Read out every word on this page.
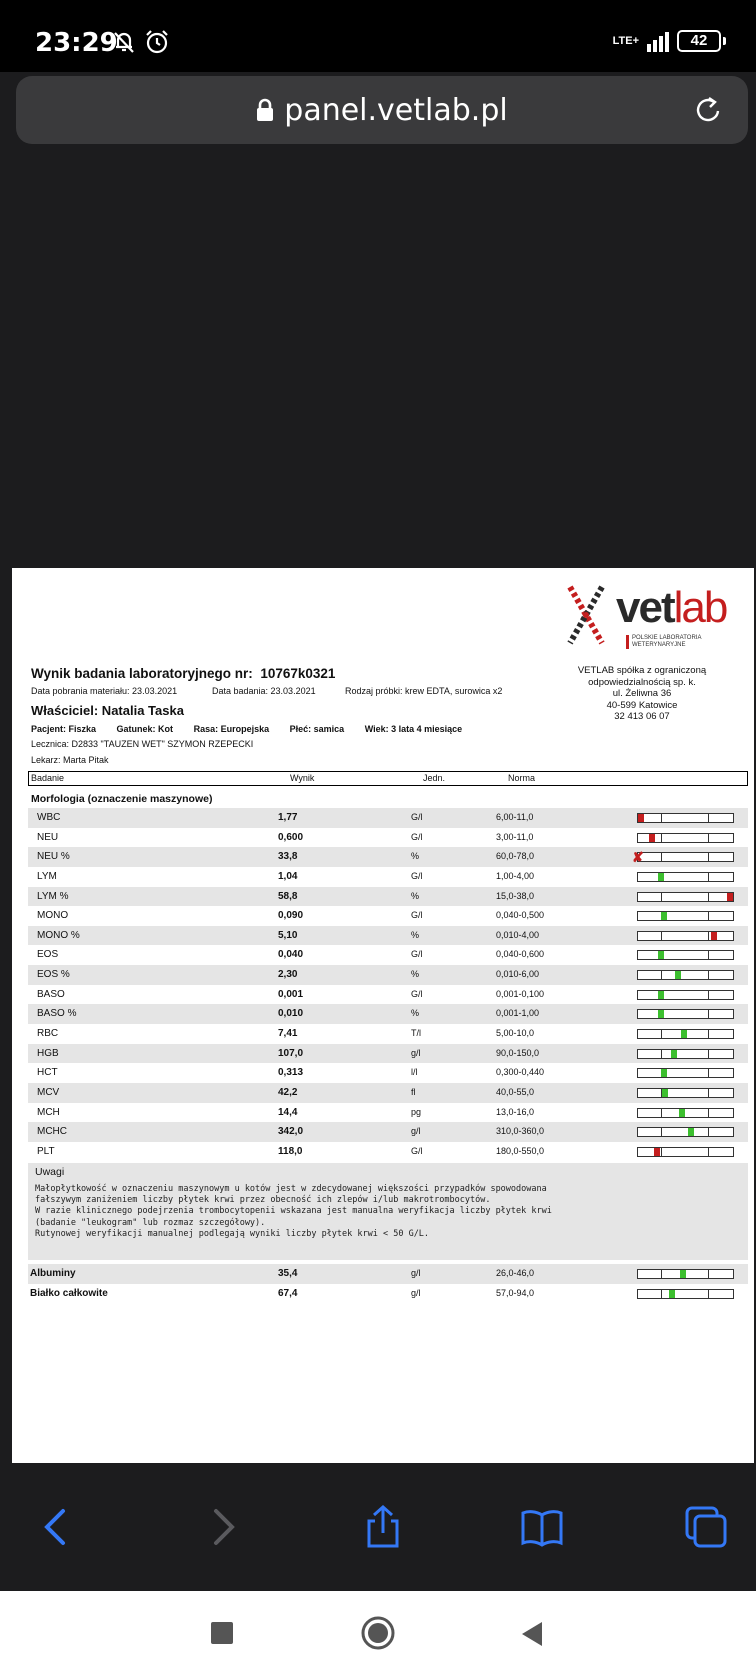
23:29	LTE+	42
panel.vetlab.pl
vetlab
POLSKIE LABORATORIA
WETERYNARYJNE
Wynik badania laboratoryjnego nr: 10767k0321
Data pobrania materiału: 23.03.2021	Data badania: 23.03.2021	Rodzaj próbki: krew EDTA, surowica x2
VETLAB spółka z ograniczoną
odpowiedzialnością sp. k.
ul. Żeliwna 36
40-599 Katowice
32 413 06 07
Właściciel: Natalia Taska
Pacjent: Fiszka Gatunek: Kot Rasa: Europejska Płeć: samica Wiek: 3 lata 4 miesiące
Lecznica: D2833 "TAUZEN WET" SZYMON RZEPECKI
Lekarz: Marta Pitak
Badanie	Wynik	Jedn.	Norma
Morfologia (oznaczenie maszynowe)
WBC	1,77	G/l	6,00-11,0
NEU	0,600	G/l	3,00-11,0
NEU %	33,8	%	60,0-78,0	✘
LYM	1,04	G/l	1,00-4,00
LYM %	58,8	%	15,0-38,0
MONO	0,090	G/l	0,040-0,500
MONO %	5,10	%	0,010-4,00
EOS	0,040	G/l	0,040-0,600
EOS %	2,30	%	0,010-6,00
BASO	0,001	G/l	0,001-0,100
BASO %	0,010	%	0,001-1,00
RBC	7,41	T/l	5,00-10,0
HGB	107,0	g/l	90,0-150,0
HCT	0,313	l/l	0,300-0,440
MCV	42,2	fl	40,0-55,0
MCH	14,4	pg	13,0-16,0
MCHC	342,0	g/l	310,0-360,0
PLT	118,0	G/l	180,0-550,0
Uwagi
Małopłytkowość w oznaczeniu maszynowym u kotów jest w zdecydowanej większości przypadków spowodowana
fałszywym zaniżeniem liczby płytek krwi przez obecność ich zlepów i/lub makrotrombocytów.
W razie klinicznego podejrzenia trombocytopenii wskazana jest manualna weryfikacja liczby płytek krwi
(badanie "leukogram" lub rozmaz szczegółowy).
Rutynowej weryfikacji manualnej podlegają wyniki liczby płytek krwi < 50 G/L.
Albuminy	35,4	g/l	26,0-46,0
Białko całkowite	67,4	g/l	57,0-94,0
